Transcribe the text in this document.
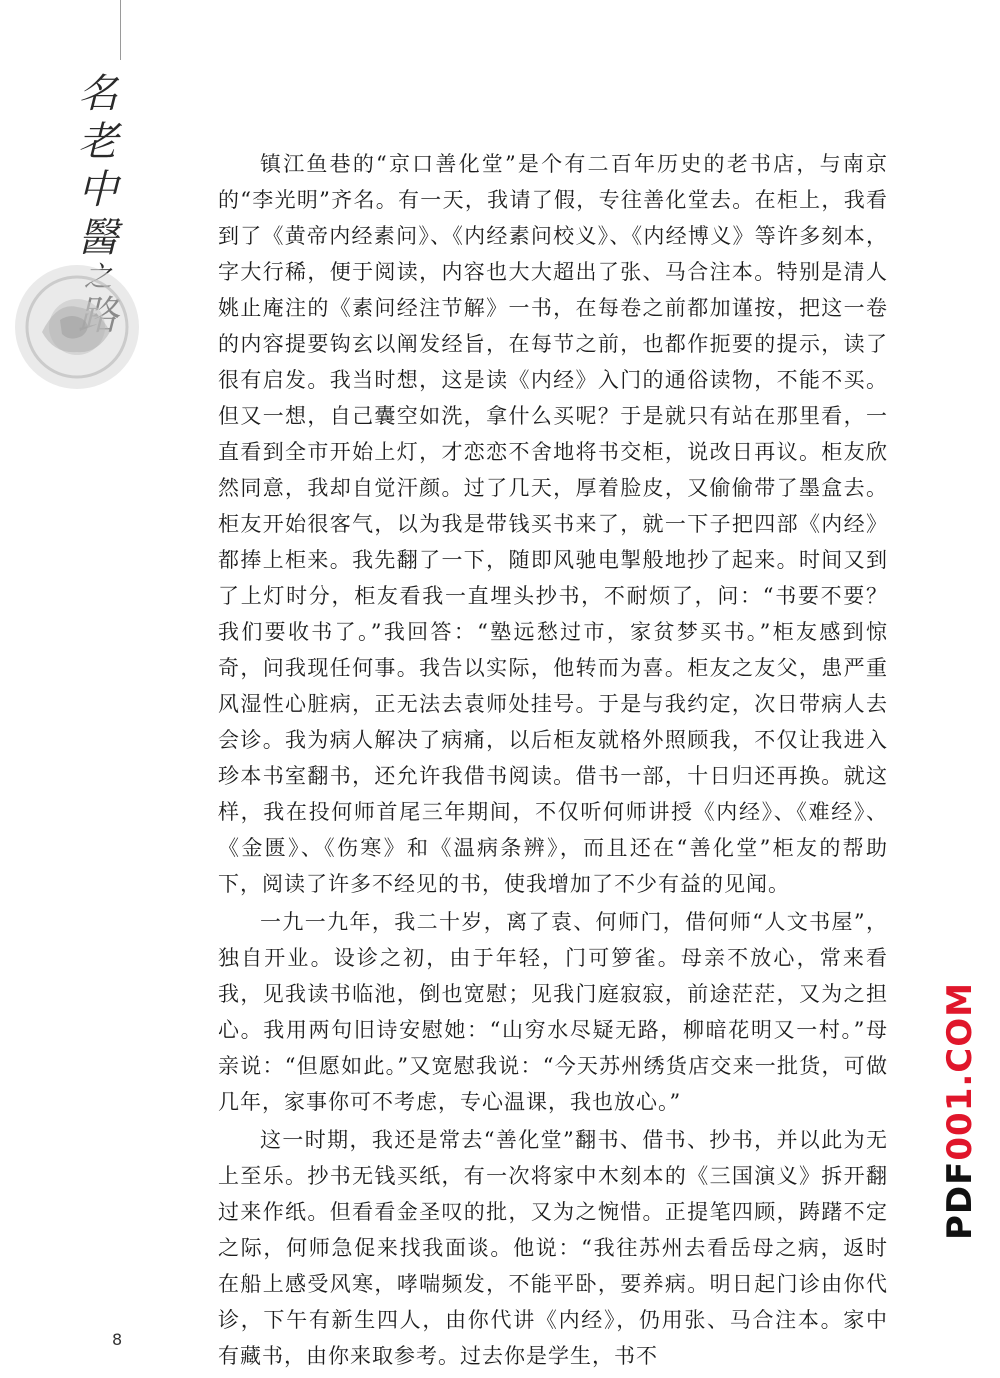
名
老
中
醫

镇江鱼巷的“京口善化堂”是个有二百年历史的老书店，与南京的“李光明”齐名。有一天，我请了假，专往善化堂去。在柜上，我看到了《黄帝内经素问》、《内经素问校义》、《内经博义》等许多刻本，字大行稀，便于阅读，内容也大大超出了张、马合注本。特别是清人姚止庵注的《素问经注节解》一书，在每卷之前都加谨按，把这一卷的内容提要钩玄以阐发经旨，在每节之前，也都作扼要的提示，读了很有启发。我当时想，这是读《内经》入门的通俗读物，不能不买。但又一想，自己囊空如洗，拿什么买呢？于是就只有站在那里看，一直看到全市开始上灯，才恋恋不舍地将书交柜，说改日再议。柜友欣然同意，我却自觉汗颜。过了几天，厚着脸皮，又偷偷带了墨盒去。柜友开始很客气，以为我是带钱买书来了，就一下子把四部《内经》都捧上柜来。我先翻了一下，随即风驰电掣般地抄了起来。时间又到了上灯时分，柜友看我一直埋头抄书，不耐烦了，问：“书要不要？我们要收书了。”我回答：“塾远愁过市，家贫梦买书。”柜友感到惊奇，问我现任何事。我告以实际，他转而为喜。柜友之友父，患严重风湿性心脏病，正无法去袁师处挂号。于是与我约定，次日带病人去会诊。我为病人解决了病痛，以后柜友就格外照顾我，不仅让我进入珍本书室翻书，还允许我借书阅读。借书一部，十日归还再换。就这样，我在投何师首尾三年期间，不仅听何师讲授《内经》、《难经》、《金匮》、《伤寒》和《温病条辨》，而且还在“善化堂”柜友的帮助下，阅读了许多不经见的书，使我增加了不少有益的见闻。

一九一九年，我二十岁，离了袁、何师门，借何师“人文书屋”，独自开业。设诊之初，由于年轻，门可箩雀。母亲不放心，常来看我，见我读书临池，倒也宽慰；见我门庭寂寂，前途茫茫，又为之担心。我用两句旧诗安慰她：“山穷水尽疑无路，柳暗花明又一村。”母亲说：“但愿如此。”又宽慰我说：“今天苏州绣货店交来一批货，可做几年，家事你可不考虑，专心温课，我也放心。”

这一时期，我还是常去“善化堂”翻书、借书、抄书，并以此为无上至乐。抄书无钱买纸，有一次将家中木刻本的《三国演义》拆开翻过来作纸。但看看金圣叹的批，又为之惋惜。正提笔四顾，踌躇不定之际，何师急促来找我面谈。他说：“我往苏州去看岳母之病，返时在船上感受风寒，哮喘频发，不能平卧，要养病。明日起门诊由你代诊，下午有新生四人，由你代讲《内经》，仍用张、马合注本。家中有藏书，由你来取参考。过去你是学生，书不

PDF001.COM
8
